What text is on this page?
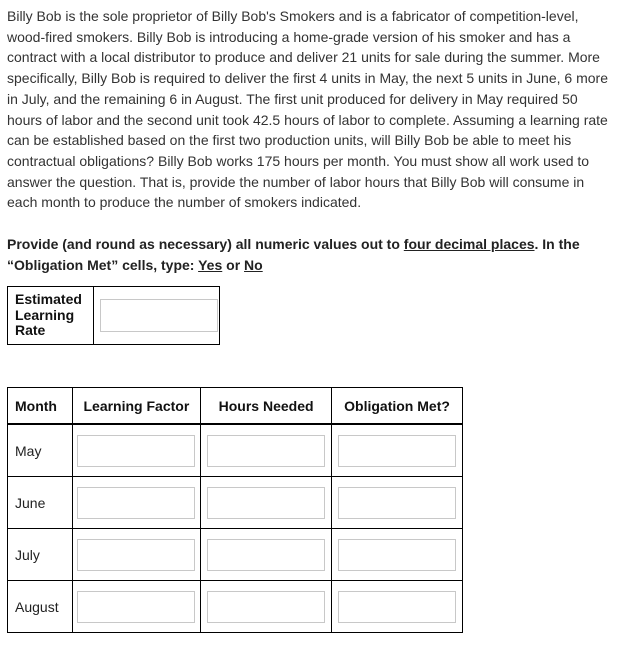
Billy Bob is the sole proprietor of Billy Bob's Smokers and is a fabricator of competition-level, wood-fired smokers. Billy Bob is introducing a home-grade version of his smoker and has a contract with a local distributor to produce and deliver 21 units for sale during the summer. More specifically, Billy Bob is required to deliver the first 4 units in May, the next 5 units in June, 6 more in July, and the remaining 6 in August. The first unit produced for delivery in May required 50 hours of labor and the second unit took 42.5 hours of labor to complete. Assuming a learning rate can be established based on the first two production units, will Billy Bob be able to meet his contractual obligations? Billy Bob works 175 hours per month. You must show all work used to answer the question. That is, provide the number of labor hours that Billy Bob will consume in each month to produce the number of smokers indicated.

Provide (and round as necessary) all numeric values out to four decimal places. In the “Obligation Met” cells, type: Yes or No

Estimated Learning Rate	
Month	Learning Factor	Hours Needed	Obligation Met?
May	

June	

July	

August	
